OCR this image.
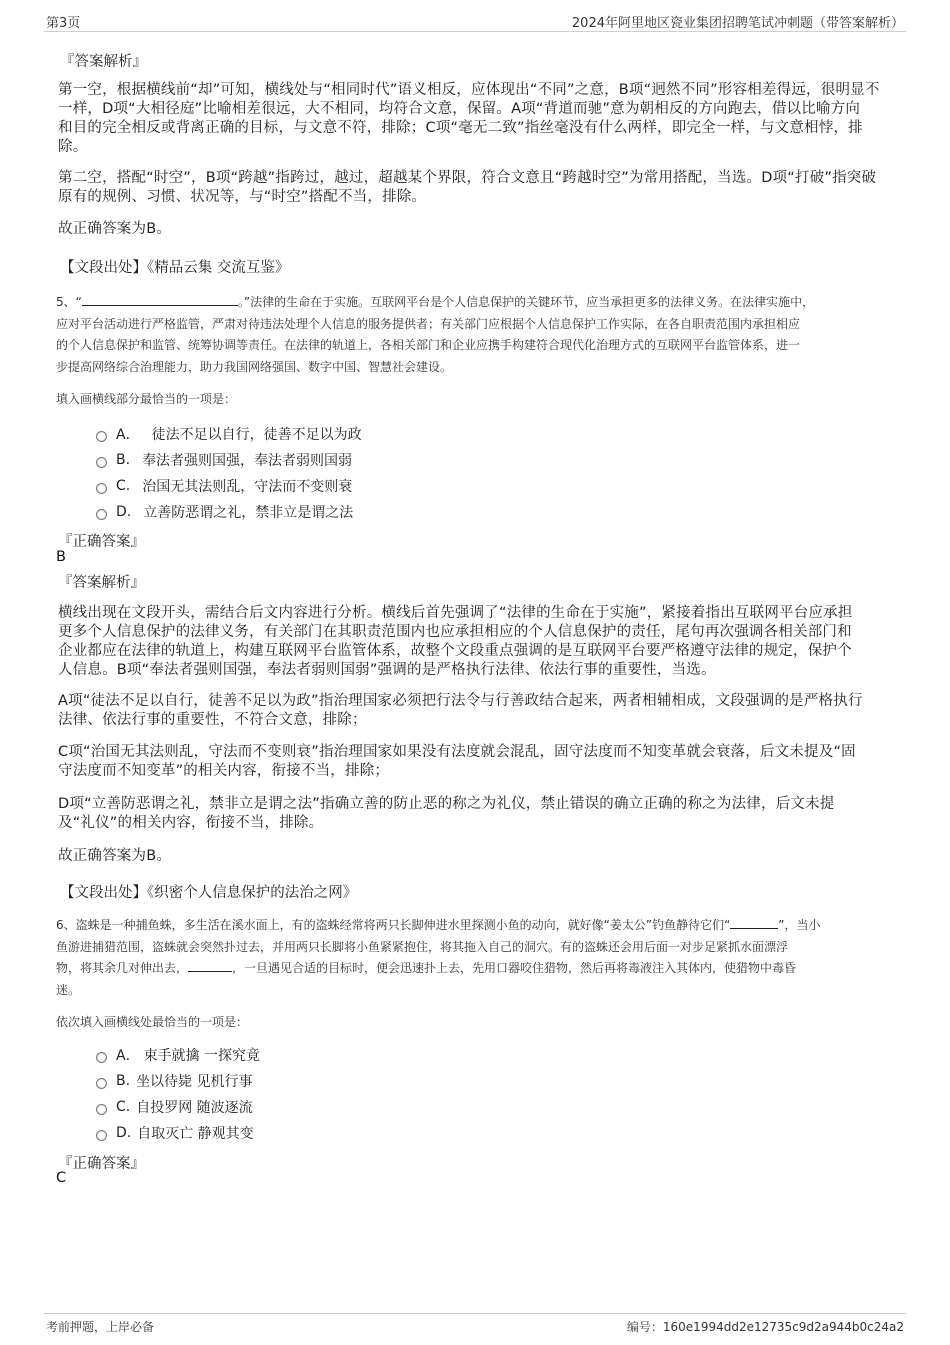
第3页	2024年阿里地区瓷业集团招聘笔试冲刺题（带答案解析）
『答案解析』
第一空，根据横线前“却”可知，横线处与“相同时代”语义相反，应体现出“不同”之意，B项“迥然不同”形容相差得远，很明显不
一样，D项“大相径庭”比喻相差很远，大不相同，均符合文意，保留。A项“背道而驰”意为朝相反的方向跑去，借以比喻方向
和目的完全相反或背离正确的目标，与文意不符，排除；C项“毫无二致”指丝毫没有什么两样，即完全一样，与文意相悖，排
除。
第二空，搭配“时空”，B项“跨越”指跨过，越过，超越某个界限，符合文意且“跨越时空”为常用搭配，当选。D项“打破”指突破
原有的规例、习惯、状况等，与“时空”搭配不当，排除。
故正确答案为B。
【文段出处】《精品云集 交流互鉴》
5、“	。”法律的生命在于实施。互联网平台是个人信息保护的关键环节，应当承担更多的法律义务。在法律实施中，
应对平台活动进行严格监管，严肃对待违法处理个人信息的服务提供者；有关部门应根据个人信息保护工作实际，在各自职责范围内承担相应
的个人信息保护和监管、统筹协调等责任。在法律的轨道上，各相关部门和企业应携手构建符合现代化治理方式的互联网平台监管体系，进一
步提高网络综合治理能力，助力我国网络强国、数字中国、智慧社会建设。
填入画横线部分最恰当的一项是：
A． 徒法不足以自行，徒善不足以为政
B. 奉法者强则国强，奉法者弱则国弱
C. 治国无其法则乱，守法而不变则衰
D. 立善防恶谓之礼，禁非立是谓之法
『正确答案』
B
『答案解析』
横线出现在文段开头，需结合后文内容进行分析。横线后首先强调了“法律的生命在于实施”，紧接着指出互联网平台应承担
更多个人信息保护的法律义务，有关部门在其职责范围内也应承担相应的个人信息保护的责任，尾句再次强调各相关部门和
企业都应在法律的轨道上，构建互联网平台监管体系，故整个文段重点强调的是互联网平台要严格遵守法律的规定，保护个
人信息。B项“奉法者强则国强，奉法者弱则国弱”强调的是严格执行法律、依法行事的重要性，当选。
A项“徒法不足以自行，徒善不足以为政”指治理国家必须把行法令与行善政结合起来，两者相辅相成，文段强调的是严格执行
法律、依法行事的重要性，不符合文意，排除；
C项“治国无其法则乱，守法而不变则衰”指治理国家如果没有法度就会混乱，固守法度而不知变革就会衰落，后文未提及“固
守法度而不知变革”的相关内容，衔接不当，排除；
D项“立善防恶谓之礼，禁非立是谓之法”指确立善的防止恶的称之为礼仪，禁止错误的确立正确的称之为法律，后文未提
及“礼仪”的相关内容，衔接不当，排除。
故正确答案为B。
【文段出处】《织密个人信息保护的法治之网》
6、盗蛛是一种捕鱼蛛，多生活在溪水面上，有的盗蛛经常将两只长脚伸进水里探测小鱼的动向，就好像“姜太公”钓鱼静待它们“	”，当小
鱼游进捕猎范围，盗蛛就会突然扑过去，并用两只长脚将小鱼紧紧抱住，将其拖入自己的洞穴。有的盗蛛还会用后面一对步足紧抓水面漂浮
物，将其余几对伸出去，	，一旦遇见合适的目标时，便会迅速扑上去，先用口器咬住猎物，然后再将毒液注入其体内，使猎物中毒昏
迷。
依次填入画横线处最恰当的一项是：
A． 束手就擒 一探究竟
B. 坐以待毙 见机行事
C. 自投罗网 随波逐流
D. 自取灭亡 静观其变
『正确答案』
C
考前押题，上岸必备	编号：160e1994dd2e12735c9d2a944b0c24a2
